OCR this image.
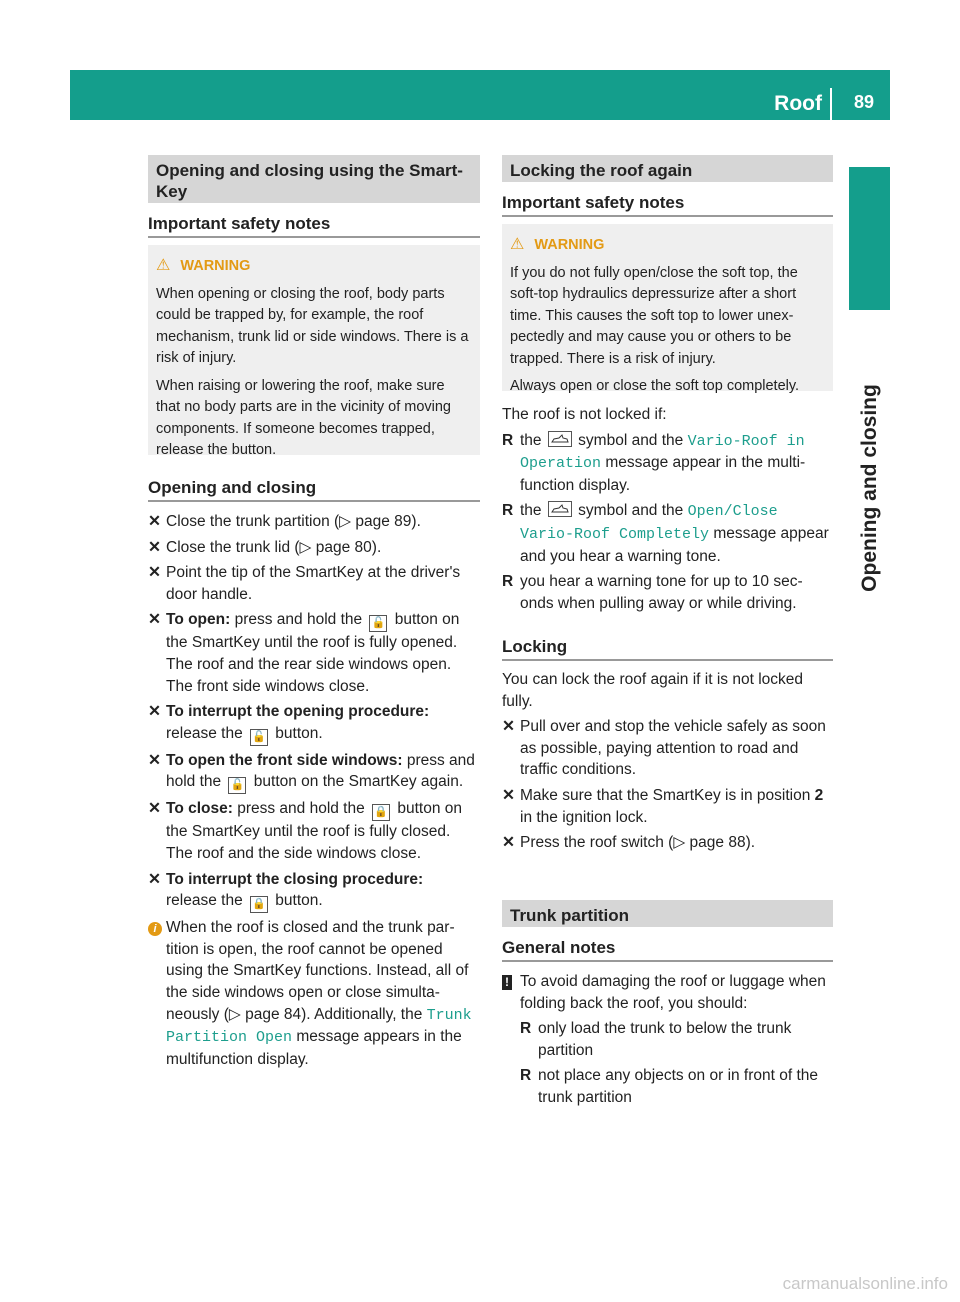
Roof 89
Opening and closing
Opening and closing using the Smart-Key
Important safety notes
⚠ WARNING

When opening or closing the roof, body parts could be trapped by, for example, the roof mechanism, trunk lid or side windows. There is a risk of injury.

When raising or lowering the roof, make sure that no body parts are in the vicinity of moving components. If someone becomes trapped, release the button.

Opening and closing
✕ Close the trunk partition (▷ page 89).
✕ Close the trunk lid (▷ page 80).
✕ Point the tip of the SmartKey at the driver's door handle.
✕ To open: press and hold the 🔓 button on the SmartKey until the roof is fully opened.
The roof and the rear side windows open. The front side windows close.
✕ To interrupt the opening procedure:
release the 🔓 button.
✕ To open the front side windows: press and hold the 🔓 button on the SmartKey again.
✕ To close: press and hold the 🔒 button on the SmartKey until the roof is fully closed.
The roof and the side windows close.
✕ To interrupt the closing procedure:
release the 🔒 button.
i When the roof is closed and the trunk par-tition is open, the roof cannot be opened using the SmartKey functions. Instead, all of the side windows open or close simulta-neously (▷ page 84). Additionally, the Trunk Partition Open message appears in the multifunction display.
Locking the roof again
Important safety notes
⚠ WARNING

If you do not fully open/close the soft top, the soft-top hydraulics depressurize after a short time. This causes the soft top to lower unex-pectedly and may cause you or others to be trapped. There is a risk of injury.

Always open or close the soft top completely.

The roof is not locked if:

R the
symbol and the Vario-Roof in Operation message appear in the multi-function display.
R the
symbol and the Open/Close Vario-Roof Completely message appear and you hear a warning tone.
R you hear a warning tone for up to 10 sec-onds when pulling away or while driving.
Locking

You can lock the roof again if it is not locked fully.

✕ Pull over and stop the vehicle safely as soon as possible, paying attention to road and traffic conditions.
✕ Make sure that the SmartKey is in position 2 in the ignition lock.
✕ Press the roof switch (▷ page 88).
Trunk partition
General notes
! To avoid damaging the roof or luggage when folding back the roof, you should:
R only load the trunk to below the trunk partition
R not place any objects on or in front of the trunk partition
carmanualsonline.info
